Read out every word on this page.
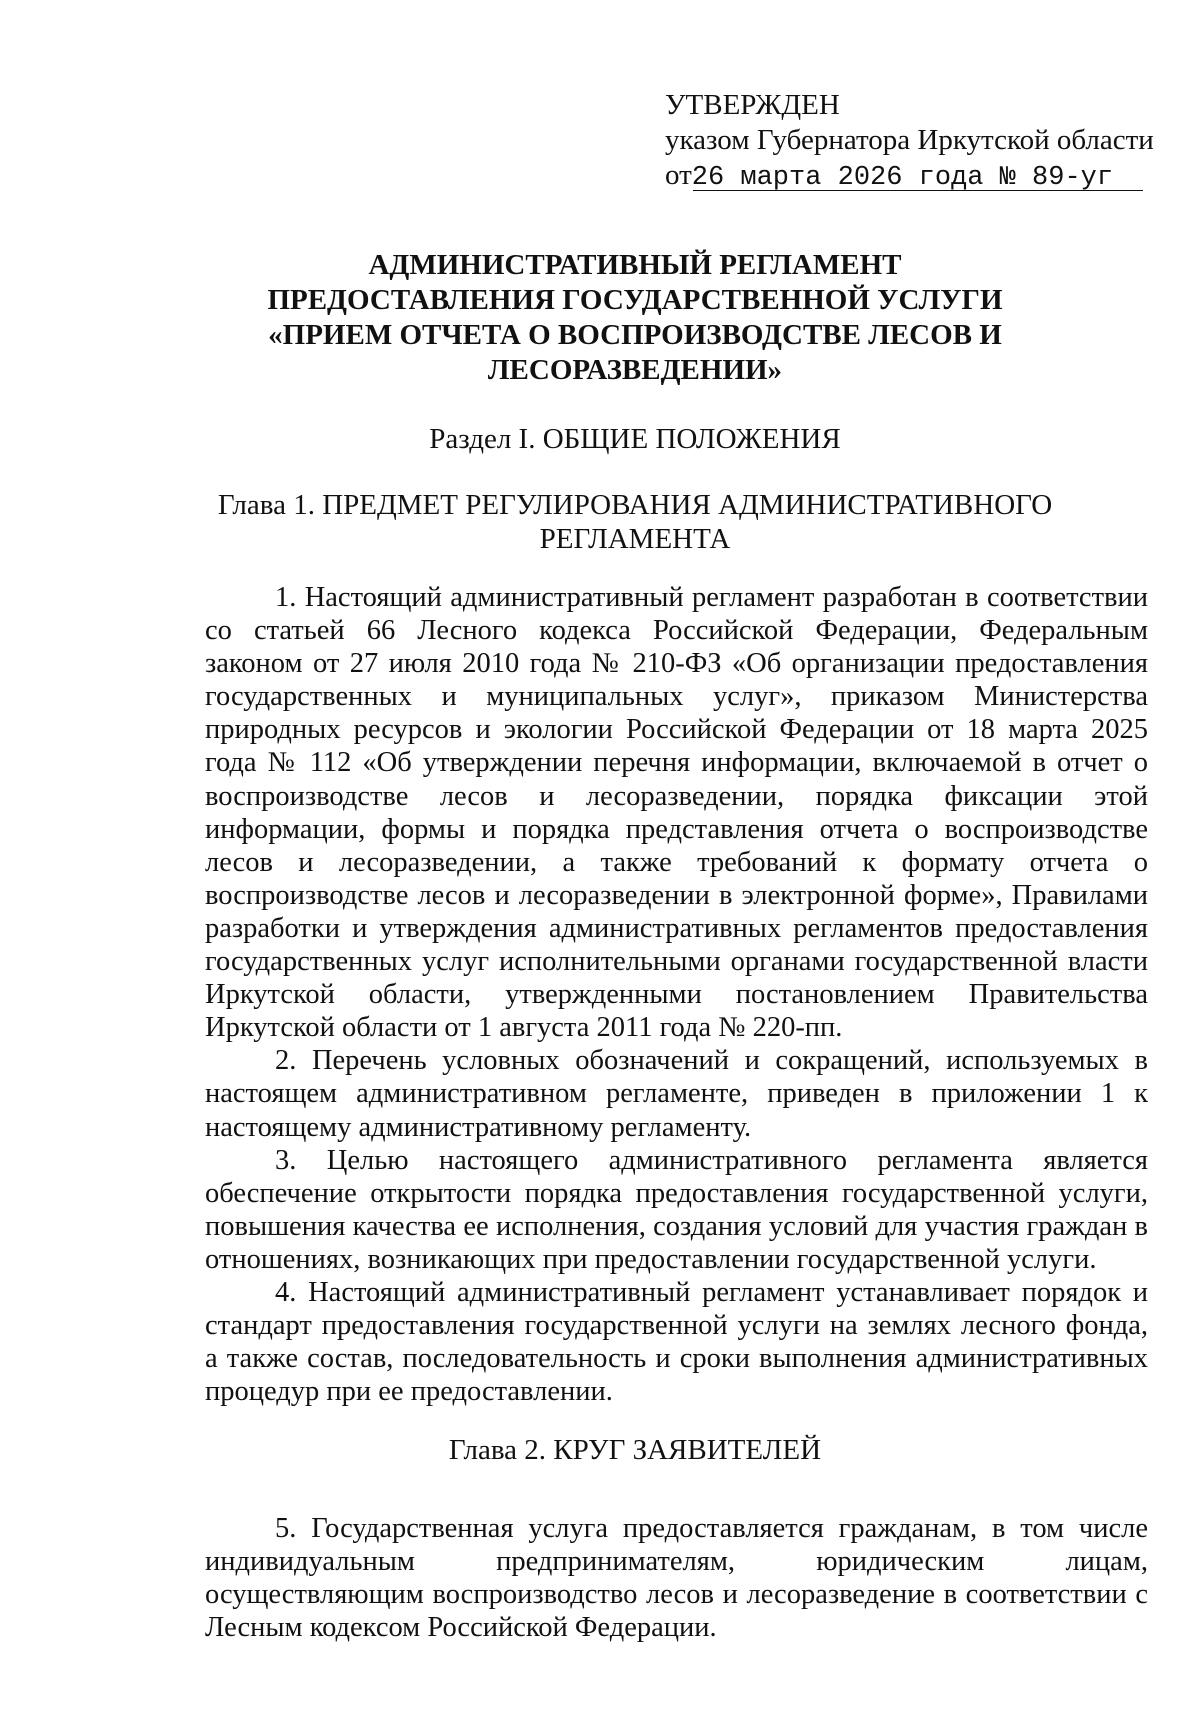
УТВЕРЖДЕН
указом Губернатора Иркутской области
от26 марта 2026 года № 89-уг
АДМИНИСТРАТИВНЫЙ РЕГЛАМЕНТ
ПРЕДОСТАВЛЕНИЯ ГОСУДАРСТВЕННОЙ УСЛУГИ
«ПРИЕМ ОТЧЕТА О ВОСПРОИЗВОДСТВЕ ЛЕСОВ И
ЛЕСОРАЗВЕДЕНИИ»
Раздел I. ОБЩИЕ ПОЛОЖЕНИЯ
Глава 1. ПРЕДМЕТ РЕГУЛИРОВАНИЯ АДМИНИСТРАТИВНОГО
РЕГЛАМЕНТА

1. Настоящий административный регламент разработан в соответствии со статьей 66 Лесного кодекса Российской Федерации, Федеральным законом от 27 июля 2010 года № 210-ФЗ «Об организации предоставления государственных и муниципальных услуг», приказом Министерства природных ресурсов и экологии Российской Федерации от 18 марта 2025 года № 112 «Об утверждении перечня информации, включаемой в отчет о воспроизводстве лесов и лесоразведении, порядка фиксации этой информации, формы и порядка представления отчета о воспроизводстве лесов и лесоразведении, а также требований к формату отчета о воспроизводстве лесов и лесоразведении в электронной форме», Правилами разработки и утверждения административных регламентов предоставления государственных услуг исполнительными органами государственной власти Иркутской области, утвержденными постановлением Правительства Иркутской области от 1 августа 2011 года № 220-пп.

2. Перечень условных обозначений и сокращений, используемых в настоящем административном регламенте, приведен в приложении 1 к настоящему административному регламенту.

3. Целью настоящего административного регламента является обеспечение открытости порядка предоставления государственной услуги, повышения качества ее исполнения, создания условий для участия граждан в отношениях, возникающих при предоставлении государственной услуги.

4. Настоящий административный регламент устанавливает порядок и стандарт предоставления государственной услуги на землях лесного фонда, а также состав, последовательность и сроки выполнения административных процедур при ее предоставлении.

Глава 2. КРУГ ЗАЯВИТЕЛЕЙ

5. Государственная услуга предоставляется гражданам, в том числе индивидуальным предпринимателям, юридическим лицам, осуществляющим воспроизводство лесов и лесоразведение в соответствии с Лесным кодексом Российской Федерации.
